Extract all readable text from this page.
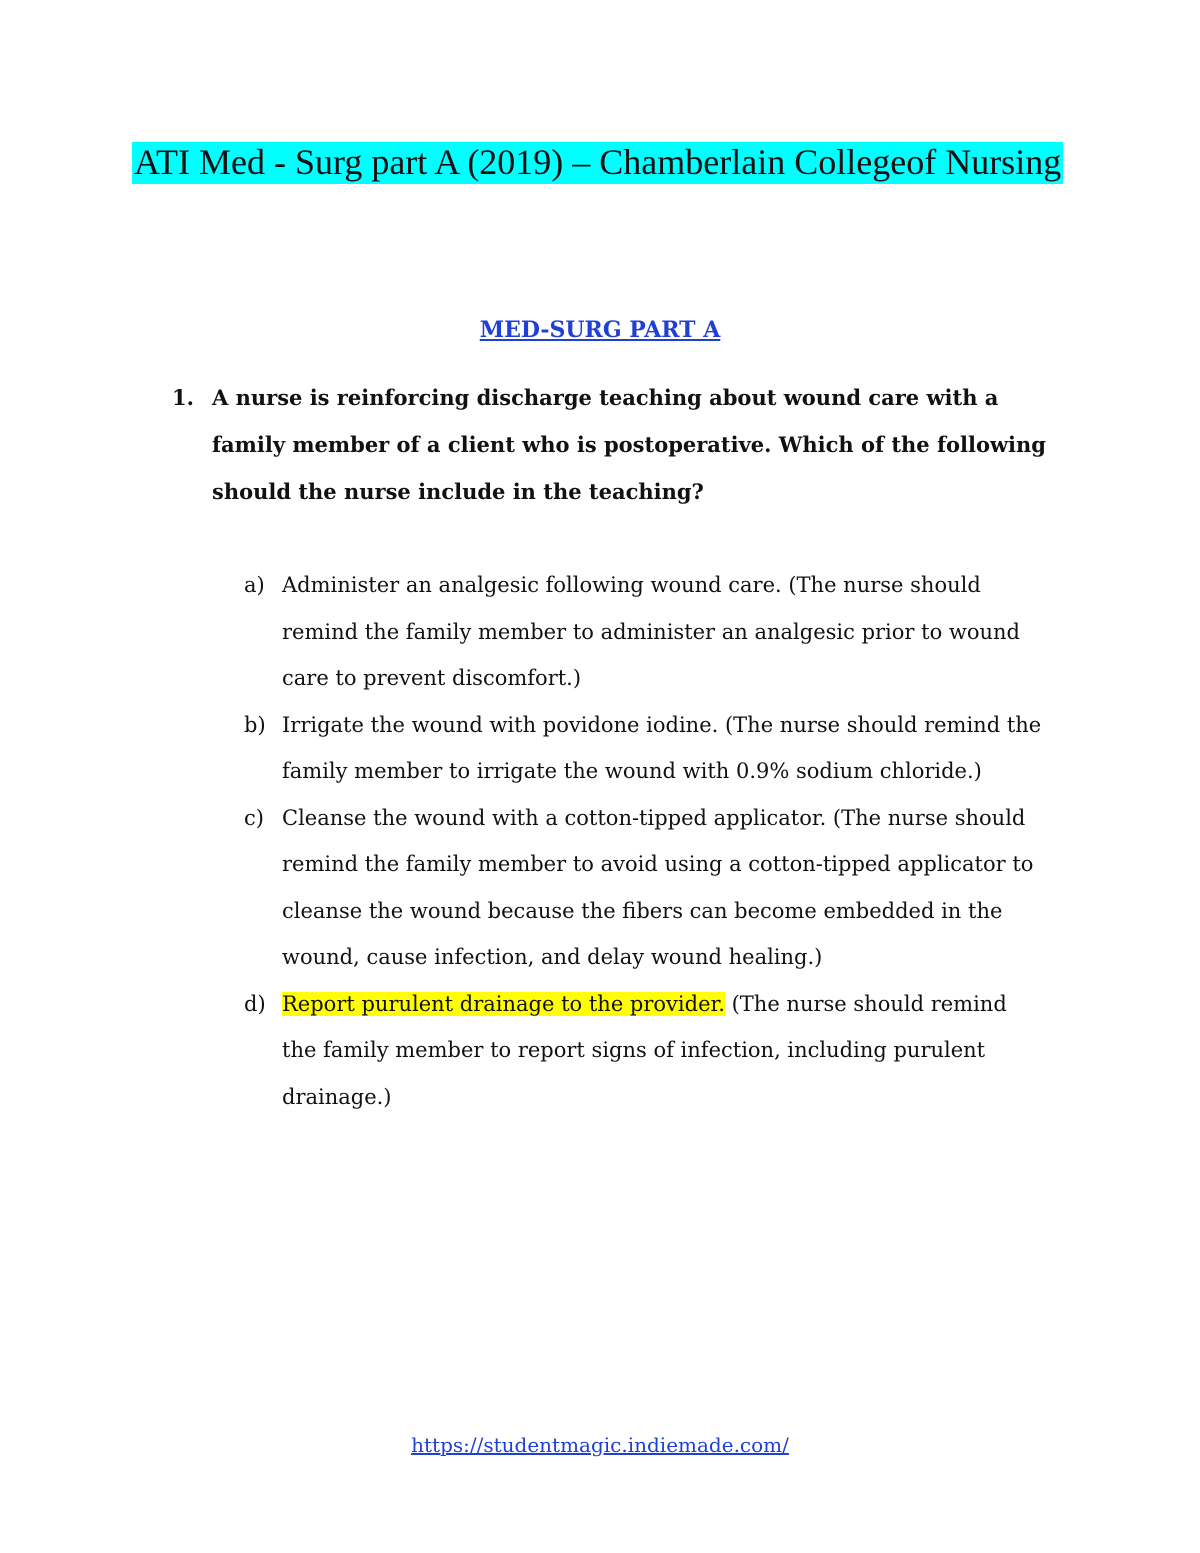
ATI Med - Surg part A (2019) – Chamberlain Collegeof Nursing
MED-SURG PART A
1. A nurse is reinforcing discharge teaching about wound care with a family member of a client who is postoperative. Which of the following should the nurse include in the teaching?
a) Administer an analgesic following wound care. (The nurse should remind the family member to administer an analgesic prior to wound care to prevent discomfort.)
b) Irrigate the wound with povidone iodine. (The nurse should remind the family member to irrigate the wound with 0.9% sodium chloride.)
c) Cleanse the wound with a cotton-tipped applicator. (The nurse should remind the family member to avoid using a cotton-tipped applicator to cleanse the wound because the fibers can become embedded in the wound, cause infection, and delay wound healing.)
d) Report purulent drainage to the provider. (The nurse should remind the family member to report signs of infection, including purulent drainage.)
https://studentmagic.indiemade.com/
